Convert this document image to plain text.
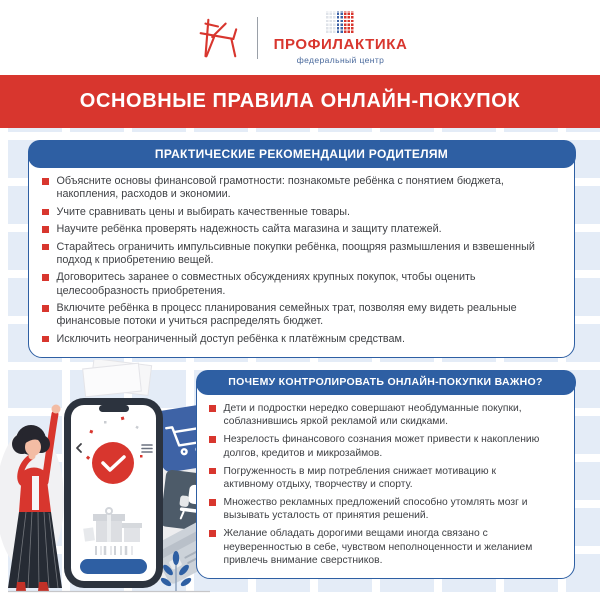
ПРОФИЛАКТИКА
федеральный центр
ОСНОВНЫЕ ПРАВИЛА ОНЛАЙН-ПОКУПОК
ПРАКТИЧЕСКИЕ РЕКОМЕНДАЦИИ РОДИТЕЛЯМ
Объясните основы финансовой грамотности: познакомьте ребёнка с понятием бюджета, накопления, расходов и экономии.
Учите сравнивать цены и выбирать качественные товары.
Научите ребёнка проверять надежность сайта магазина и защиту платежей.
Старайтесь ограничить импульсивные покупки ребёнка, поощряя размышления и взвешенный подход к приобретению вещей.
Договоритесь заранее о совместных обсуждениях крупных покупок, чтобы оценить целесообразность приобретения.
Включите ребёнка в процесс планирования семейных трат, позволяя ему видеть реальные финансовые потоки и учиться распределять бюджет.
Исключить неограниченный доступ ребёнка к платёжным средствам.
ПОЧЕМУ КОНТРОЛИРОВАТЬ ОНЛАЙН-ПОКУПКИ ВАЖНО?
Дети и подростки нередко совершают необдуманные покупки, соблазнившись яркой рекламой или скидками.
Незрелость финансового сознания может привести к накоплению долгов, кредитов и микрозаймов.
Погруженность в мир потребления снижает мотивацию к активному отдыху, творчеству и спорту.
Множество рекламных предложений способно утомлять мозг и вызывать усталость от принятия решений.
Желание обладать дорогими вещами иногда связано с неуверенностью в себе, чувством неполноценности и желанием привлечь внимание сверстников.
